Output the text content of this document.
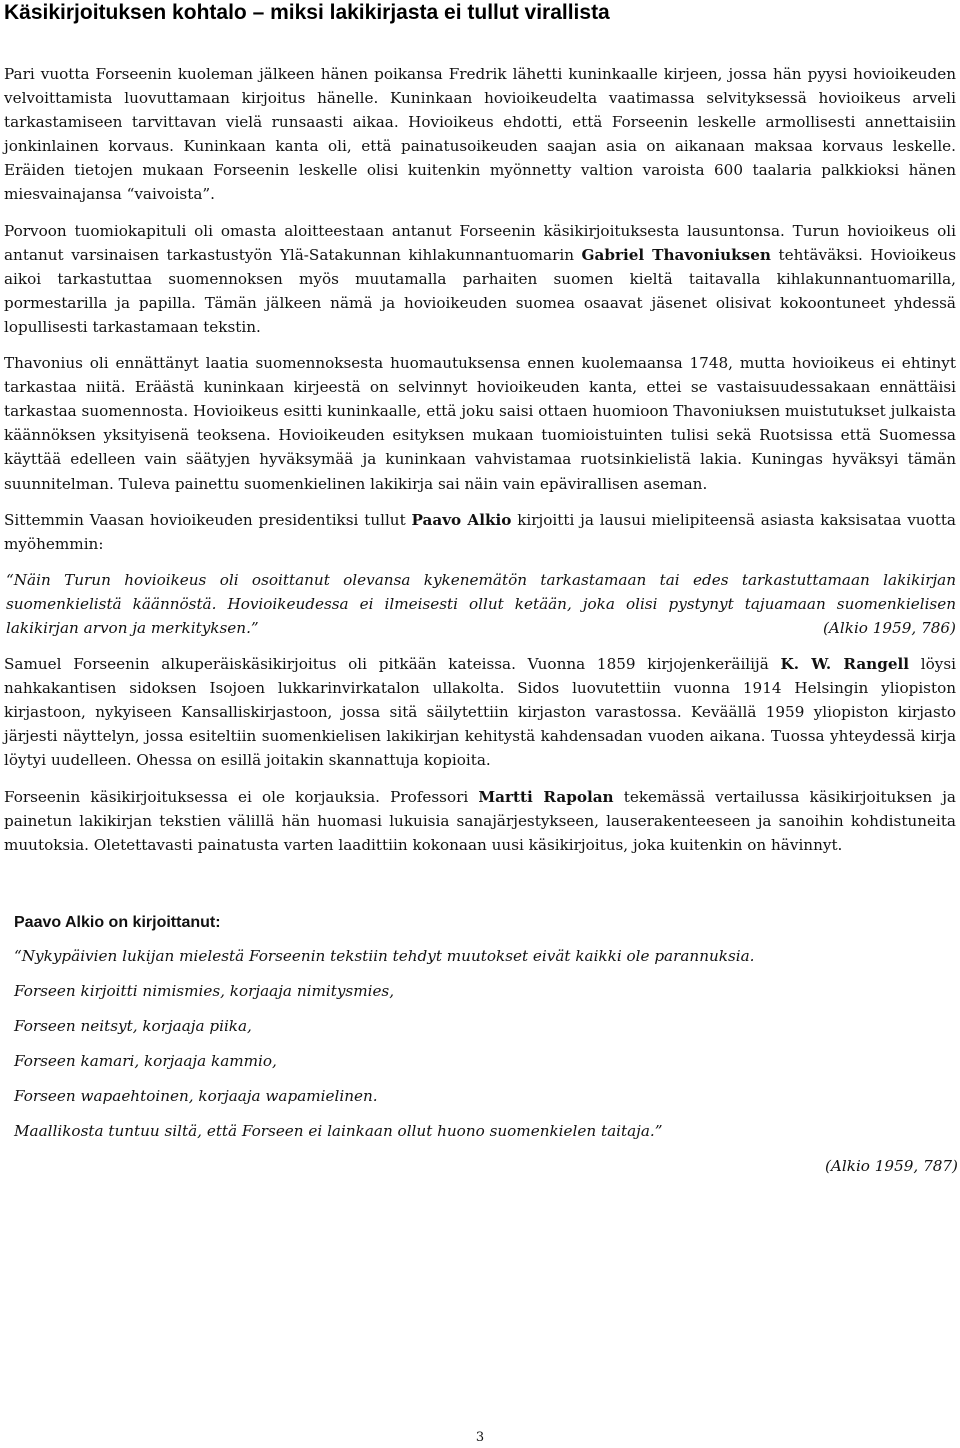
Käsikirjoituksen kohtalo – miksi lakikirjasta ei tullut virallista

Pari vuotta Forseenin kuoleman jälkeen hänen poikansa Fredrik lähetti kuninkaalle kirjeen, jossa hän pyysi hovioikeuden velvoittamista luovuttamaan kirjoitus hänelle. Kuninkaan hovioikeudelta vaatimassa selvityksessä hovioikeus arveli tarkastamiseen tarvittavan vielä runsaasti aikaa. Hovioikeus ehdotti, että Forseenin leskelle armollisesti annettaisiin jonkinlainen korvaus. Kuninkaan kanta oli, että painatusoikeuden saajan asia on aikanaan maksaa korvaus leskelle. Eräiden tietojen mukaan Forseenin leskelle olisi kuitenkin myönnetty valtion varoista 600 taalaria palkkioksi hänen miesvainajansa “vaivoista”.

Porvoon tuomiokapituli oli omasta aloitteestaan antanut Forseenin käsikirjoituksesta lausuntonsa. Turun hovioikeus oli antanut varsinaisen tarkastustyön Ylä-Satakunnan kihlakunnantuomarin Gabriel Thavoniuksen tehtäväksi. Hovioikeus aikoi tarkastuttaa suomennoksen myös muutamalla parhaiten suomen kieltä taitavalla kihlakunnantuomarilla, pormestarilla ja papilla. Tämän jälkeen nämä ja hovioikeuden suomea osaavat jäsenet olisivat kokoontuneet yhdessä lopullisesti tarkastamaan tekstin.

Thavonius oli ennättänyt laatia suomennoksesta huomautuksensa ennen kuolemaansa 1748, mutta hovioikeus ei ehtinyt tarkastaa niitä. Eräästä kuninkaan kirjeestä on selvinnyt hovioikeuden kanta, ettei se vastaisuudessakaan ennättäisi tarkastaa suomennosta. Hovioikeus esitti kuninkaalle, että joku saisi ottaen huomioon Thavoniuksen muistutukset julkaista käännöksen yksityisenä teoksena. Hovioikeuden esityksen mukaan tuomioistuinten tulisi sekä Ruotsissa että Suomessa käyttää edelleen vain säätyjen hyväksymää ja kuninkaan vahvistamaa ruotsinkielistä lakia. Kuningas hyväksyi tämän suunnitelman. Tuleva painettu suomenkielinen lakikirja sai näin vain epävirallisen aseman.

Sittemmin Vaasan hovioikeuden presidentiksi tullut Paavo Alkio kirjoitti ja lausui mielipiteensä asiasta kaksisataa vuotta myöhemmin:

“Näin Turun hovioikeus oli osoittanut olevansa kykenemätön tarkastamaan tai edes tarkastuttamaan lakikirjan suomenkielistä käännöstä. Hovioikeudessa ei ilmeisesti ollut ketään, joka olisi pystynyt tajuamaan suomenkielisen lakikirjan arvon ja merkityksen.”	(Alkio 1959, 786)

Samuel Forseenin alkuperäiskäsikirjoitus oli pitkään kateissa. Vuonna 1859 kirjojenkeräilijä K. W. Rangell löysi nahkakantisen sidoksen Isojoen lukkarinvirkatalon ullakolta. Sidos luovutettiin vuonna 1914 Helsingin yliopiston kirjastoon, nykyiseen Kansalliskirjastoon, jossa sitä säilytettiin kirjaston varastossa. Keväällä 1959 yliopiston kirjasto järjesti näyttelyn, jossa esiteltiin suomenkielisen lakikirjan kehitystä kahdensadan vuoden aikana. Tuossa yhteydessä kirja löytyi uudelleen. Ohessa on esillä joitakin skannattuja kopioita.

Forseenin käsikirjoituksessa ei ole korjauksia. Professori Martti Rapolan tekemässä vertailussa käsikirjoituksen ja painetun lakikirjan tekstien välillä hän huomasi lukuisia sanajärjestykseen, lauserakenteeseen ja sanoihin kohdistuneita muutoksia. Oletettavasti painatusta varten laadittiin kokonaan uusi käsikirjoitus, joka kuitenkin on hävinnyt.

Paavo Alkio on kirjoittanut:

“Nykypäivien lukijan mielestä Forseenin tekstiin tehdyt muutokset eivät kaikki ole parannuksia.

Forseen kirjoitti nimismies, korjaaja nimitysmies,

Forseen neitsyt, korjaaja piika,

Forseen kamari, korjaaja kammio,

Forseen wapaehtoinen, korjaaja wapamielinen.

Maallikosta tuntuu siltä, että Forseen ei lainkaan ollut huono suomenkielen taitaja.”

(Alkio 1959, 787)
3
